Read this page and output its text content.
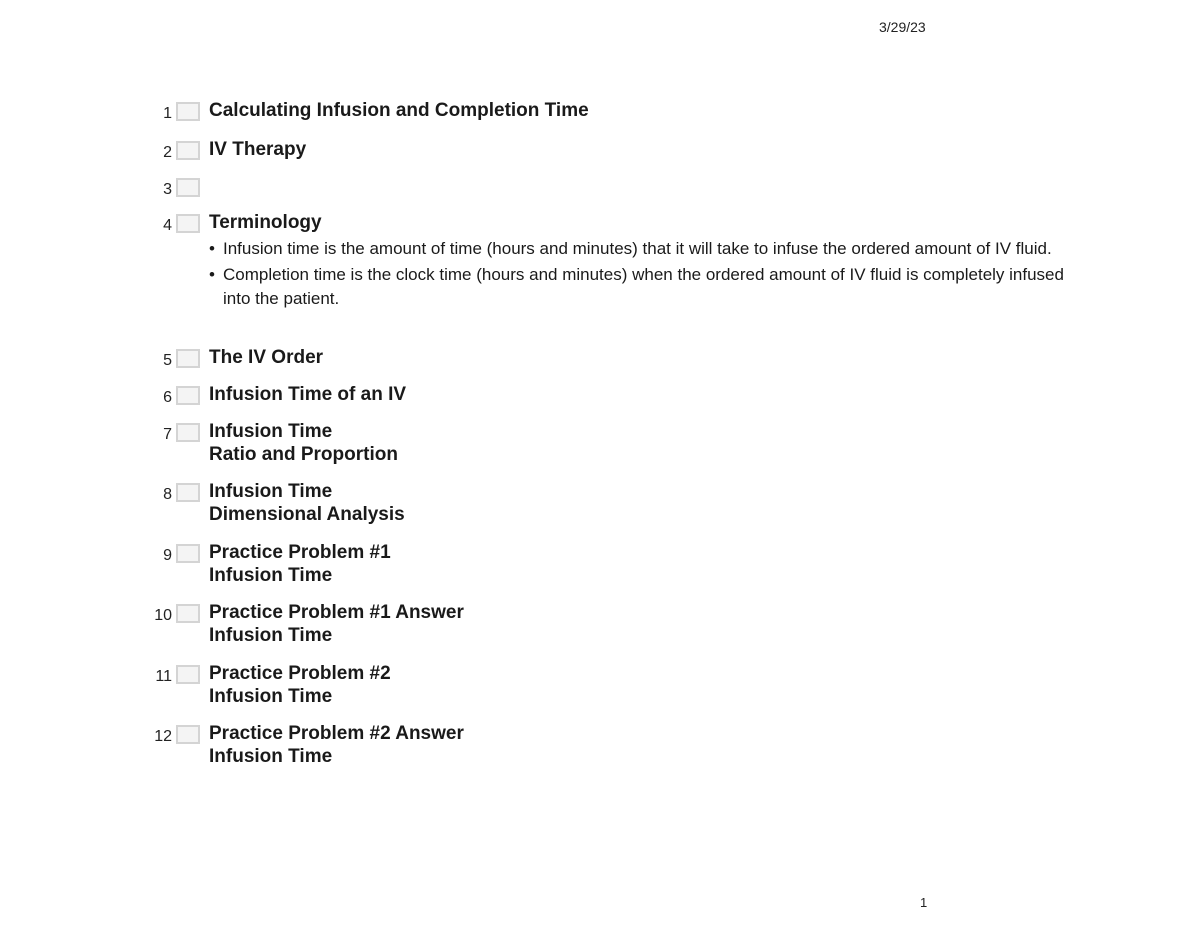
3/29/23
1 Calculating Infusion and Completion Time
2 IV Therapy
3
4 Terminology
• Infusion time is the amount of time (hours and minutes) that it will take to infuse the ordered amount of IV fluid.
• Completion time is the clock time (hours and minutes) when the ordered amount of IV fluid is completely infused into the patient.
5 The IV Order
6 Infusion Time of an IV
7 Infusion Time
Ratio and Proportion
8 Infusion Time
Dimensional Analysis
9 Practice Problem #1
Infusion Time
10 Practice Problem #1 Answer
Infusion Time
11 Practice Problem #2
Infusion Time
12 Practice Problem #2 Answer
Infusion Time
1
